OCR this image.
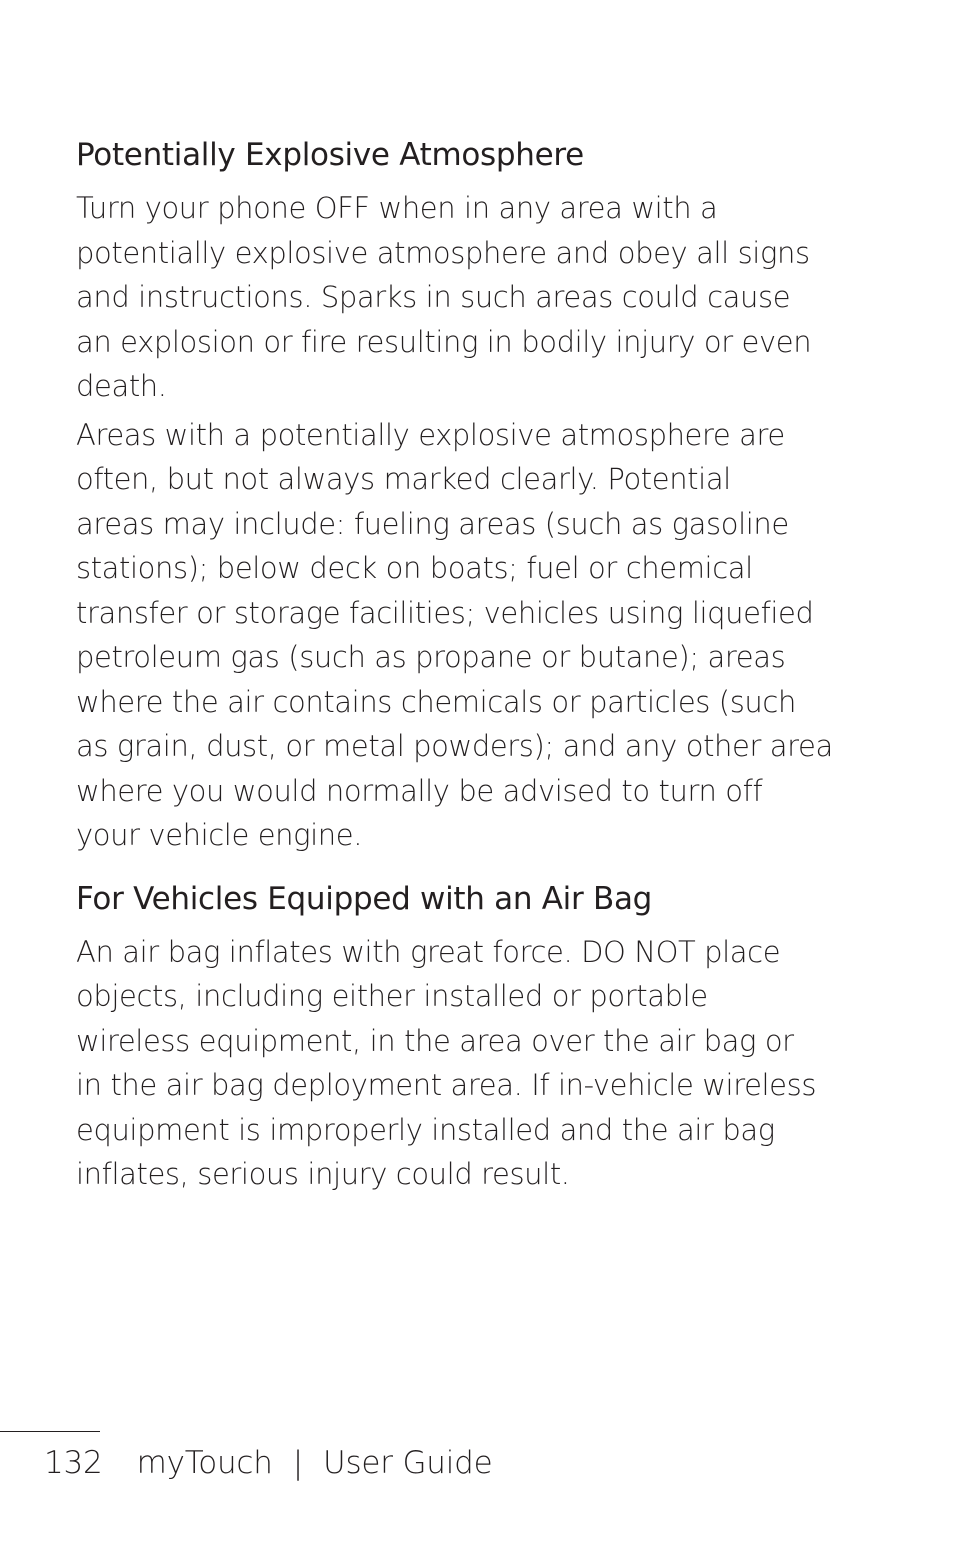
Potentially Explosive Atmosphere

Turn your phone OFF when in any area with a
potentially explosive atmosphere and obey all signs
and instructions. Sparks in such areas could cause
an explosion or fire resulting in bodily injury or even
death.

Areas with a potentially explosive atmosphere are
often, but not always marked clearly. Potential
areas may include: fueling areas (such as gasoline
stations); below deck on boats; fuel or chemical
transfer or storage facilities; vehicles using liquefied
petroleum gas (such as propane or butane); areas
where the air contains chemicals or particles (such
as grain, dust, or metal powders); and any other area
where you would normally be advised to turn off
your vehicle engine.

For Vehicles Equipped with an Air Bag

An air bag inflates with great force. DO NOT place
objects, including either installed or portable
wireless equipment, in the area over the air bag or
in the air bag deployment area. If in-vehicle wireless
equipment is improperly installed and the air bag
inflates, serious injury could result.

132 myTouch | User Guide
